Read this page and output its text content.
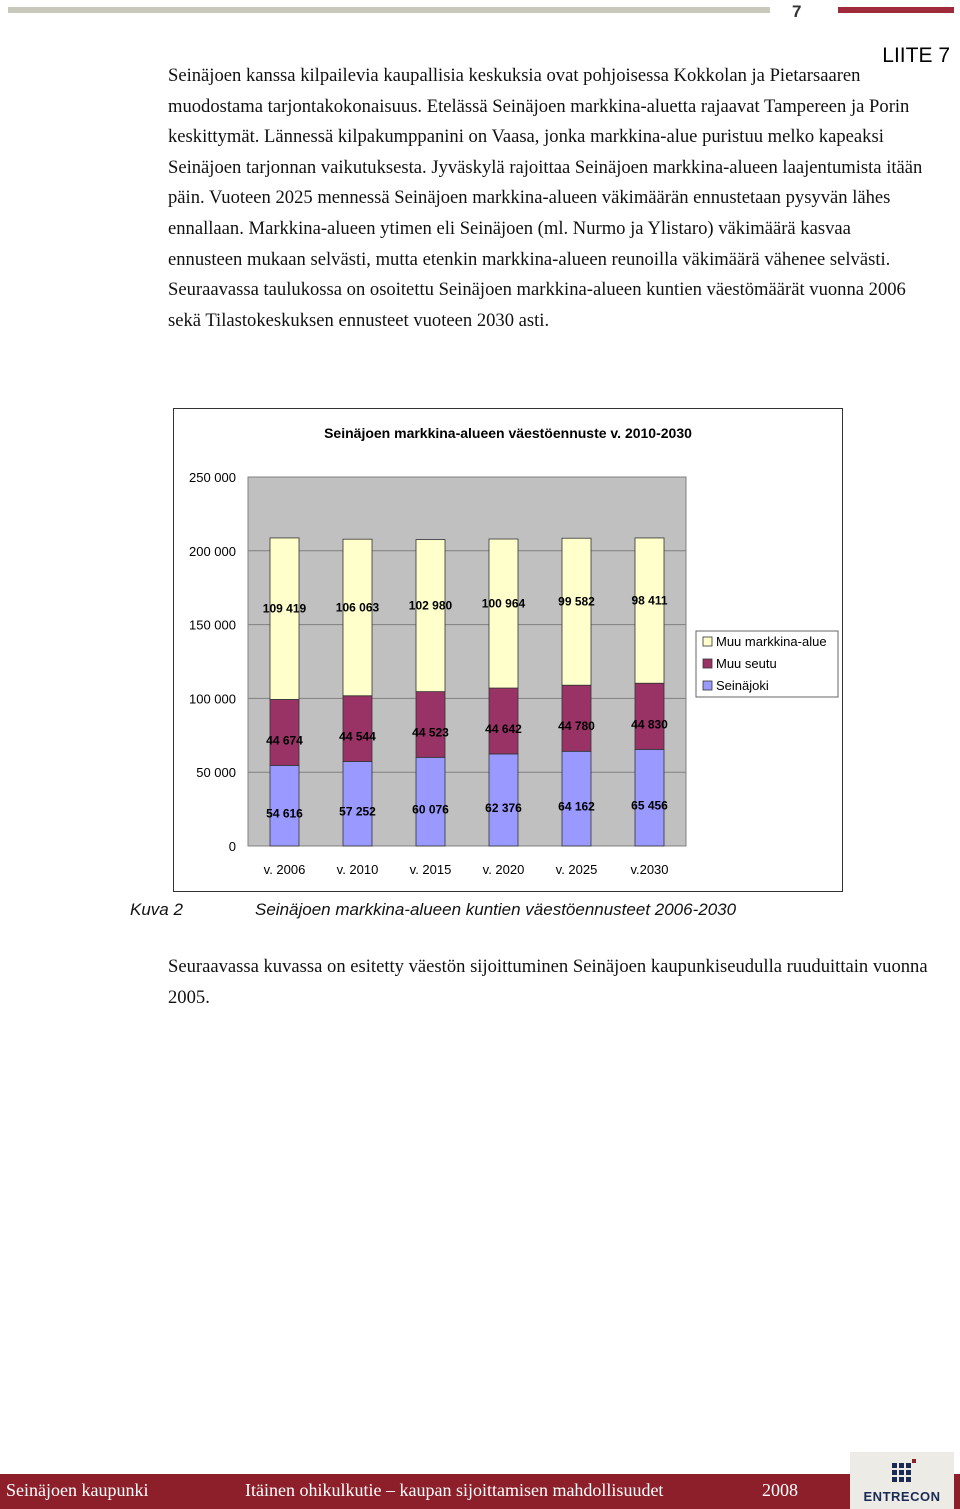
7
LIITE 7

Seinäjoen kanssa kilpailevia kaupallisia keskuksia ovat pohjoisessa Kokkolan ja Pietarsaaren muodostama tarjontakokonaisuus. Etelässä Seinäjoen markkina-aluetta rajaavat Tampereen ja Porin keskittymät. Lännessä kilpakumppanini on Vaasa, jonka markkina-alue puristuu melko kapeaksi Seinäjoen tarjonnan vaikutuksesta. Jyväskylä rajoittaa Seinäjoen markkina-alueen laajentumista itään päin. Vuoteen 2025 mennessä Seinäjoen markkina-alueen väkimäärän ennustetaan pysyvän lähes ennallaan. Markkina-alueen ytimen eli Seinäjoen (ml. Nurmo ja Ylistaro) väkimäärä kasvaa ennusteen mukaan selvästi, mutta etenkin markkina-alueen reunoilla väkimäärä vähenee selvästi. Seuraavassa taulukossa on osoitettu Seinäjoen markkina-alueen kuntien väestömäärät vuonna 2006 sekä Tilastokeskuksen ennusteet vuoteen 2030 asti.

Seinäjoen markkina-alueen väestöennuste v. 2010-2030
0
50 000
100 000
150 000
200 000
250 000
54 616
44 674
109 419
57 252
44 544
106 063
60 076
44 523
102 980
62 376
44 642
100 964
64 162
44 780
99 582
65 456
44 830
98 411
v. 2006 v. 2010 v. 2015 v. 2020 v. 2025	v.2030
Muu markkina-alue
Muu seutu
Seinäjoki
Kuva 2	Seinäjoen markkina-alueen kuntien väestöennusteet 2006-2030

Seuraavassa kuvassa on esitetty väestön sijoittuminen Seinäjoen kaupunkiseudulla ruuduittain vuonna 2005.

Seinäjoen kaupunki	Itäinen ohikulkutie – kaupan sijoittamisen mahdollisuudet	2008	ENTRECON
